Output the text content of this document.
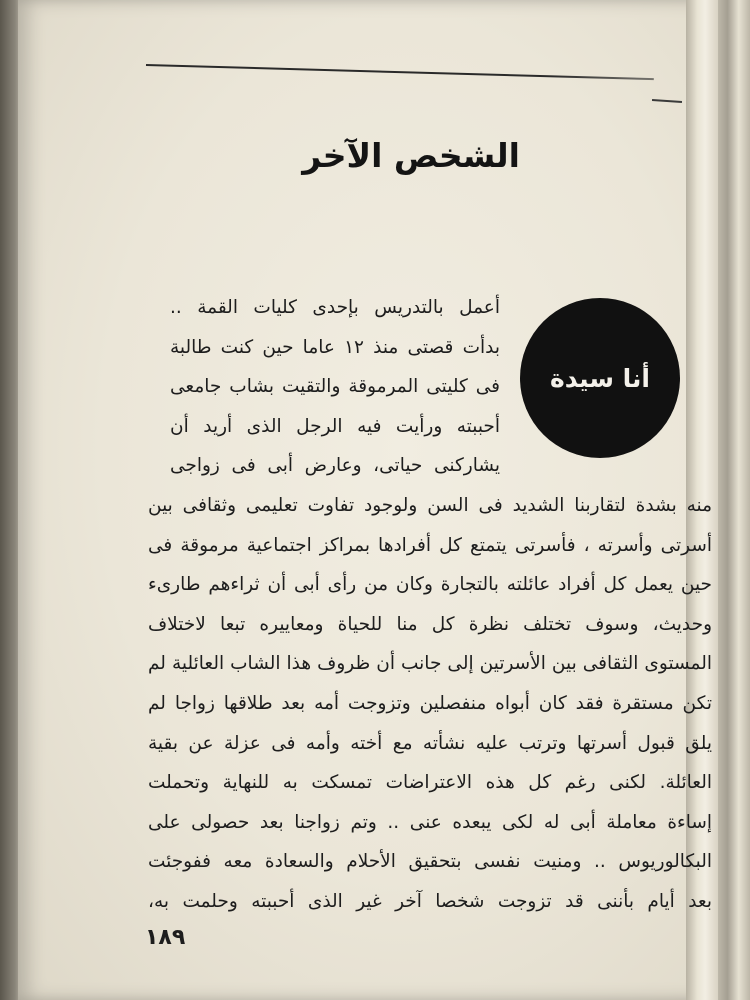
الشخص الآخر
أنا سيدة
أعمل بالتدريس بإحدى كليات القمة ..
بدأت قصتى منذ ١٢ عاما حين كنت طالبة
فى كليتى المرموقة والتقيت بشاب جامعى
أحببته ورأيت فيه الرجل الذى أريد أن
يشاركنى حياتى، وعارض أبى فى زواجى
منه بشدة لتقاربنا الشديد فى السن ولوجود تفاوت تعليمى وثقافى بين
أسرتى وأسرته ، فأسرتى يتمتع كل أفرادها بمراكز اجتماعية مرموقة فى
حين يعمل كل أفراد عائلته بالتجارة وكان من رأى أبى أن ثراءهم طارىء
وحديث، وسوف تختلف نظرة كل منا للحياة ومعاييره تبعا لاختلاف
المستوى الثقافى بين الأسرتين إلى جانب أن ظروف هذا الشاب العائلية لم
تكن مستقرة فقد كان أبواه منفصلين وتزوجت أمه بعد طلاقها زواجا لم
يلق قبول أسرتها وترتب عليه نشأته مع أخته وأمه فى عزلة عن بقية
العائلة. لكنى رغم كل هذه الاعتراضات تمسكت به للنهاية وتحملت
إساءة معاملة أبى له لكى يبعده عنى .. وتم زواجنا بعد حصولى على
البكالوريوس .. ومنيت نفسى بتحقيق الأحلام والسعادة معه ففوجئت
بعد أيام بأننى قد تزوجت شخصا آخر غير الذى أحببته وحلمت به،
١٨٩
